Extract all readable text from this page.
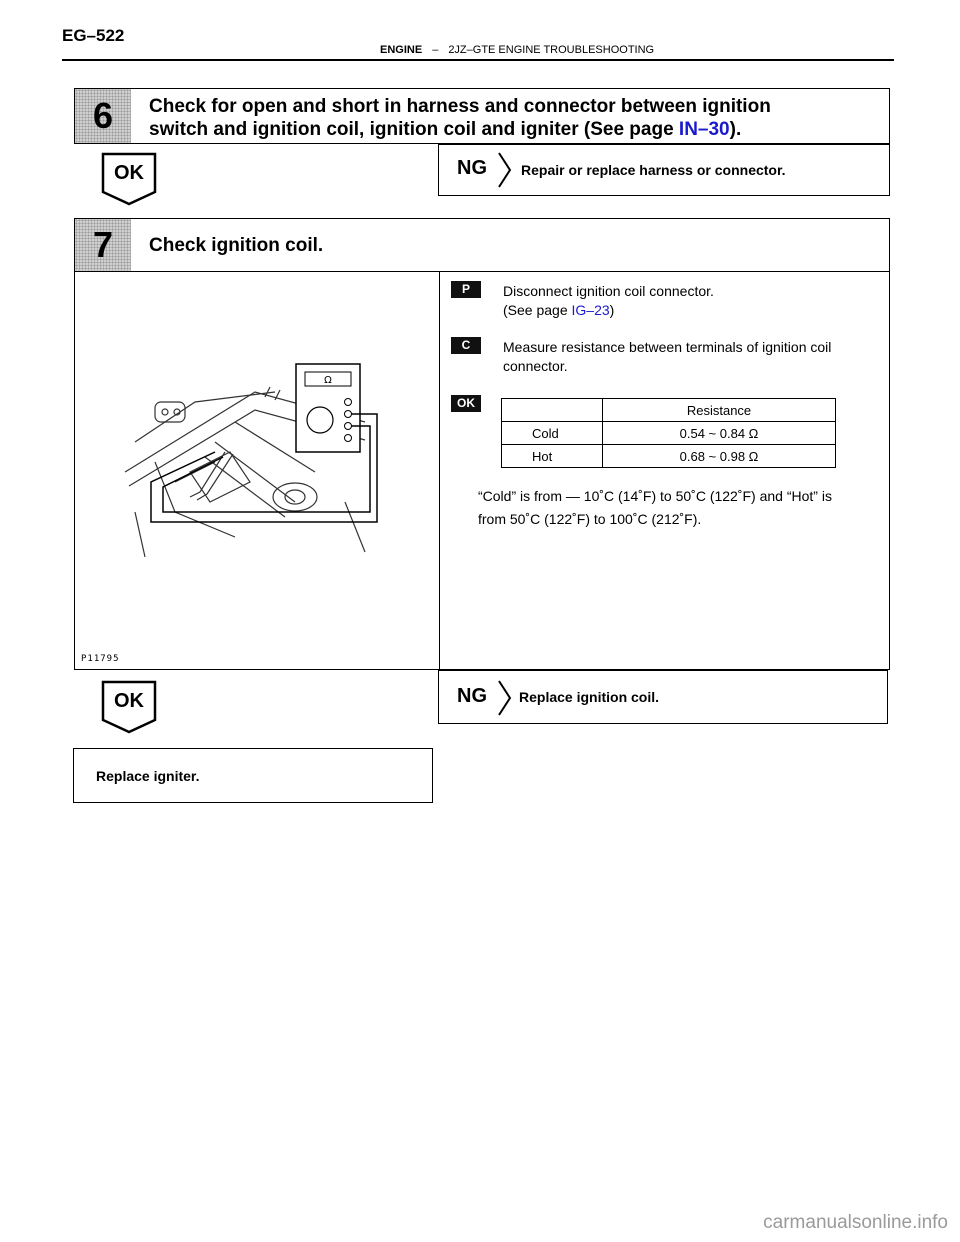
EG–522
ENGINE – 2JZ–GTE ENGINE TROUBLESHOOTING
6 Check for open and short in harness and connector between ignition
switch and ignition coil, ignition coil and igniter (See page IN–30).
OK	NG Repair or replace harness or connector.
7 Check ignition coil.
Ω
P11795
P	Disconnect ignition coil connector.
(See page IG–23)
C	Measure resistance between terminals of ignition coil
connector.
OK
		Resistance
Cold	0.54 ~ 0.84 Ω
Hot	0.68 ~ 0.98 Ω
“Cold” is from — 10˚C (14˚F) to 50˚C (122˚F) and “Hot” is
from 50˚C (122˚F) to 100˚C (212˚F).
OK	NG Replace ignition coil.
Replace igniter.
carmanualsonline.info
